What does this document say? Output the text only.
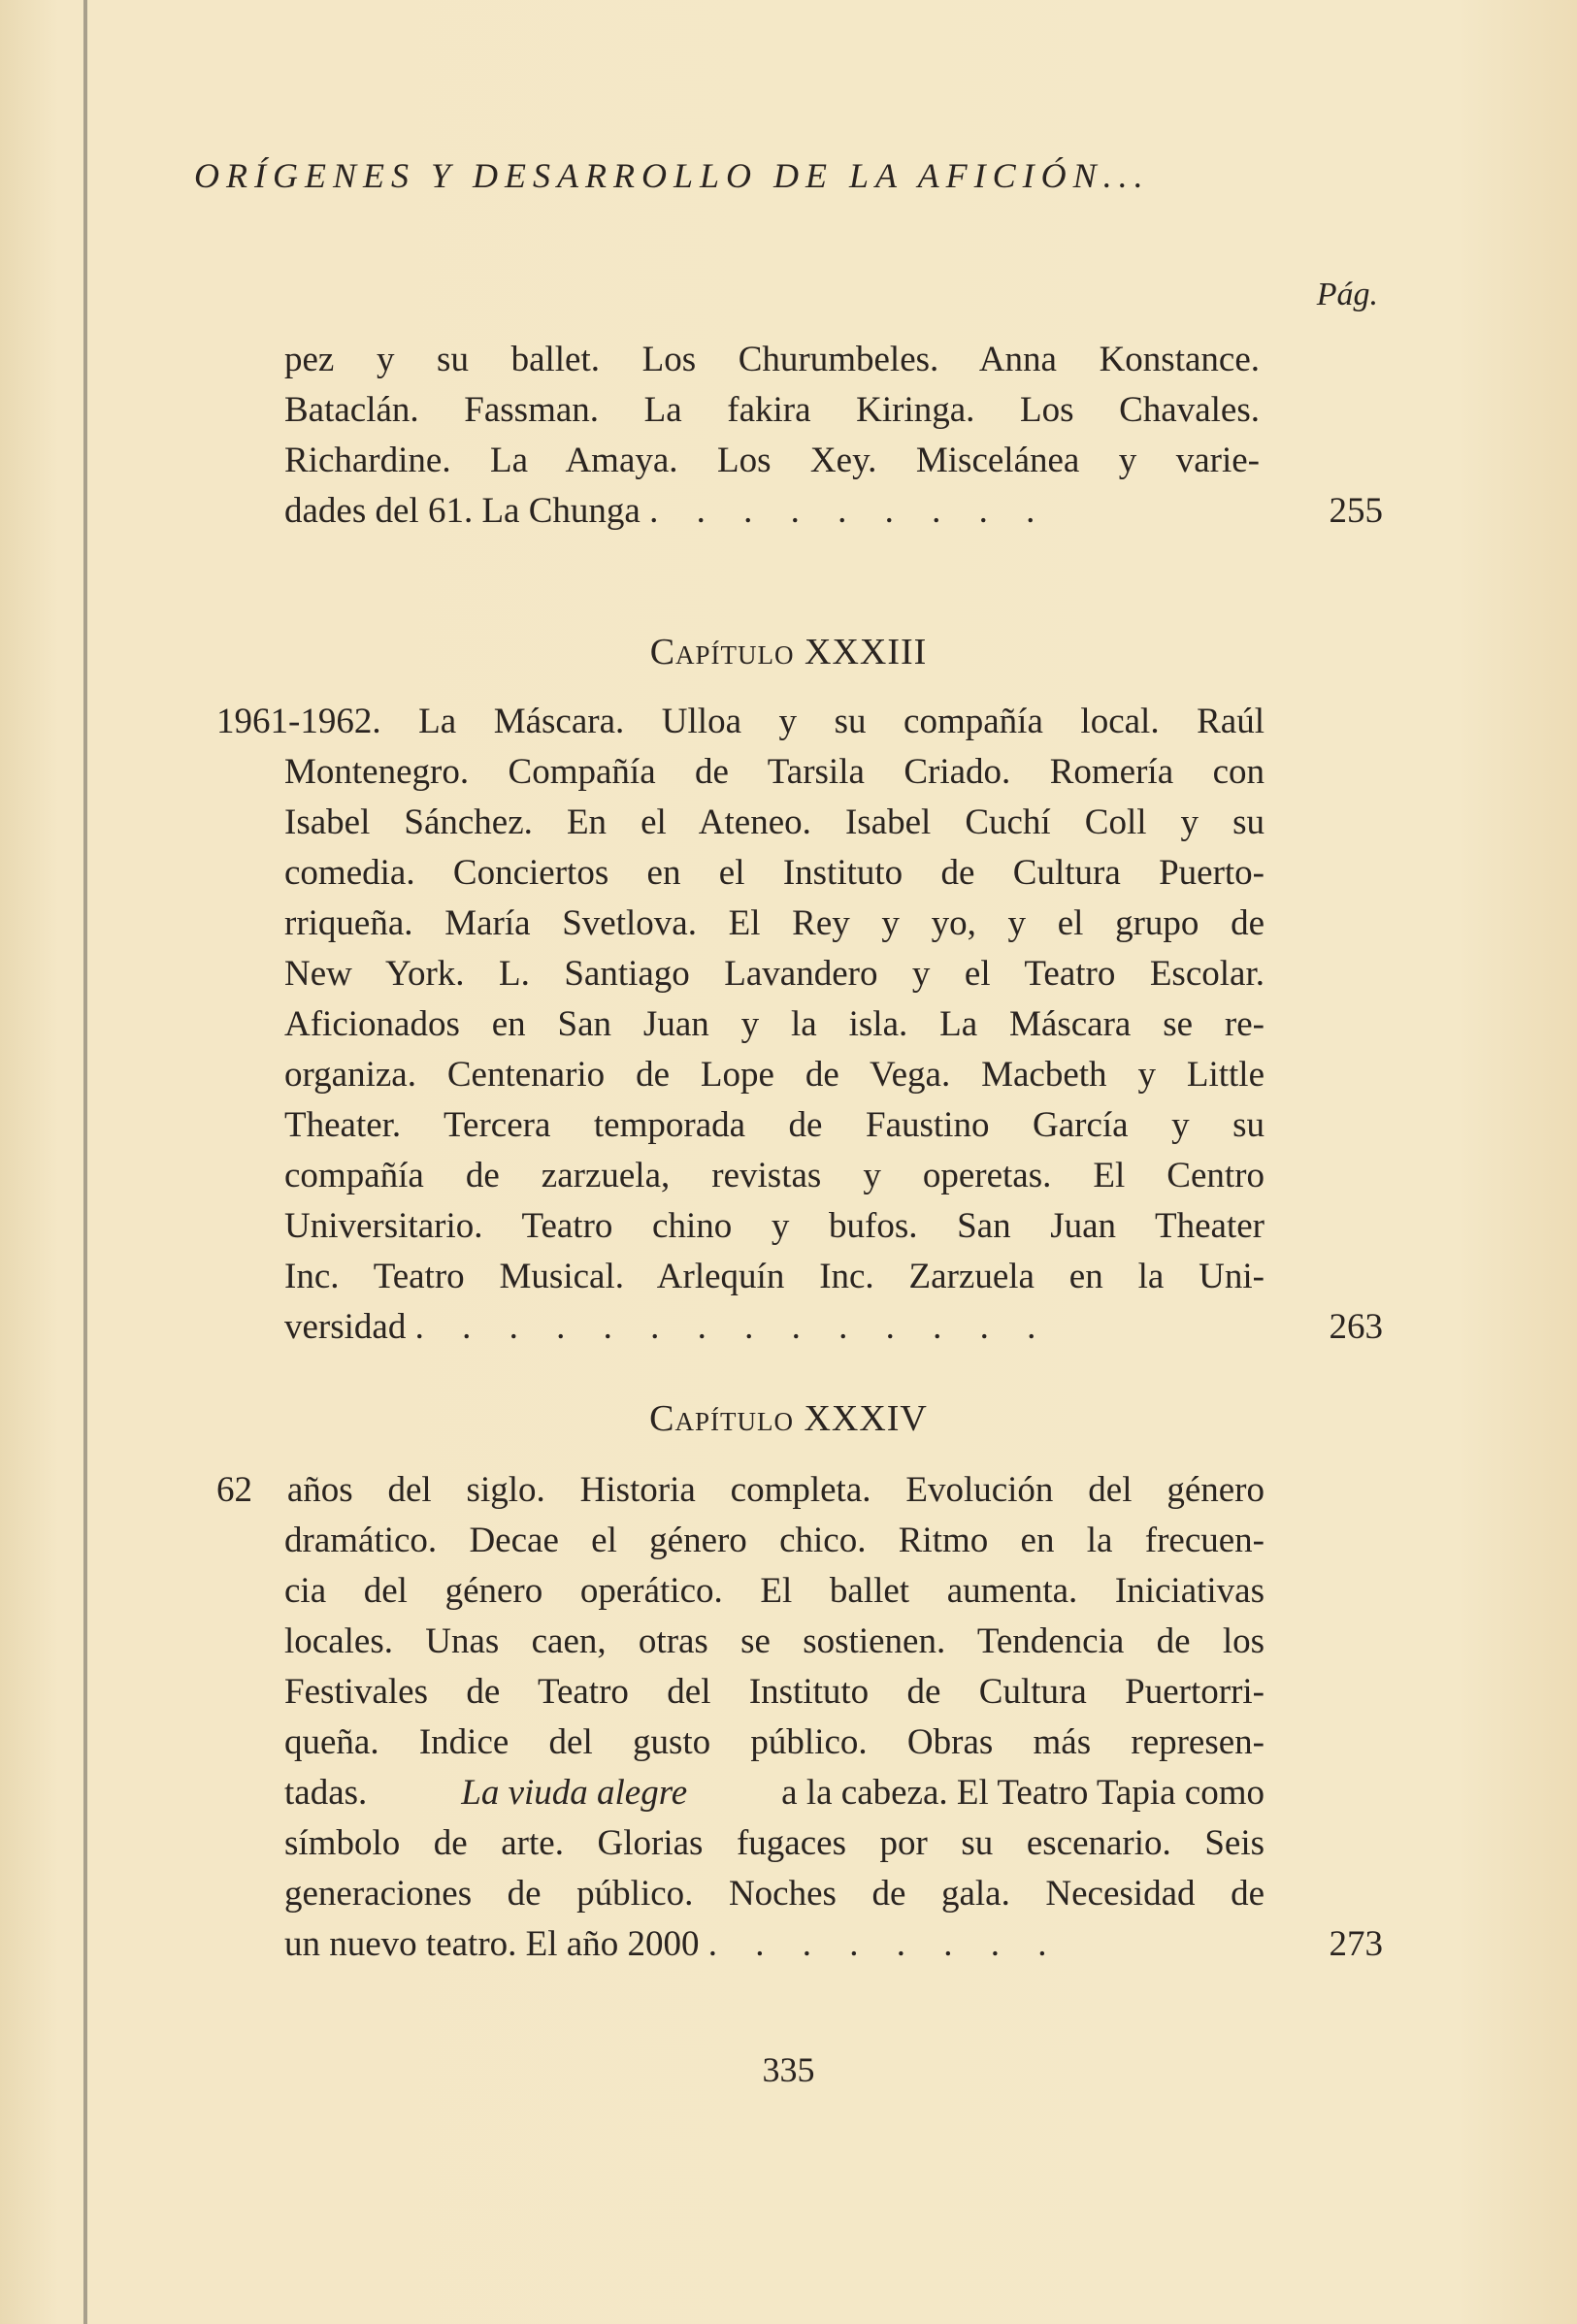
ORÍGENES Y DESARROLLO DE LA AFICIÓN...
Pág.
pez y su ballet. Los Churumbeles. Anna Konstance.
Bataclán. Fassman. La fakira Kiringa. Los Chavales.
Richardine. La Amaya. Los Xey. Miscelánea y varie-
dades del 61. La Chunga . . . . . . . . .	255
Capítulo XXXIII
1961-1962. La Máscara. Ulloa y su compañía local. Raúl
Montenegro. Compañía de Tarsila Criado. Romería con
Isabel Sánchez. En el Ateneo. Isabel Cuchí Coll y su
comedia. Conciertos en el Instituto de Cultura Puerto-
rriqueña. María Svetlova. El Rey y yo, y el grupo de
New York. L. Santiago Lavandero y el Teatro Escolar.
Aficionados en San Juan y la isla. La Máscara se re-
organiza. Centenario de Lope de Vega. Macbeth y Little
Theater. Tercera temporada de Faustino García y su
compañía de zarzuela, revistas y operetas. El Centro
Universitario. Teatro chino y bufos. San Juan Theater
Inc. Teatro Musical. Arlequín Inc. Zarzuela en la Uni-
versidad . . . . . . . . . . . . . .	263
Capítulo XXXIV
62 años del siglo. Historia completa. Evolución del género
dramático. Decae el género chico. Ritmo en la frecuen-
cia del género operático. El ballet aumenta. Iniciativas
locales. Unas caen, otras se sostienen. Tendencia de los
Festivales de Teatro del Instituto de Cultura Puertorri-
queña. Indice del gusto público. Obras más represen-
tadas.	La viuda alegre	a la cabeza. El Teatro Tapia como
símbolo de arte. Glorias fugaces por su escenario. Seis
generaciones de público. Noches de gala. Necesidad de
un nuevo teatro. El año 2000 . . . . . . . .	273
335
